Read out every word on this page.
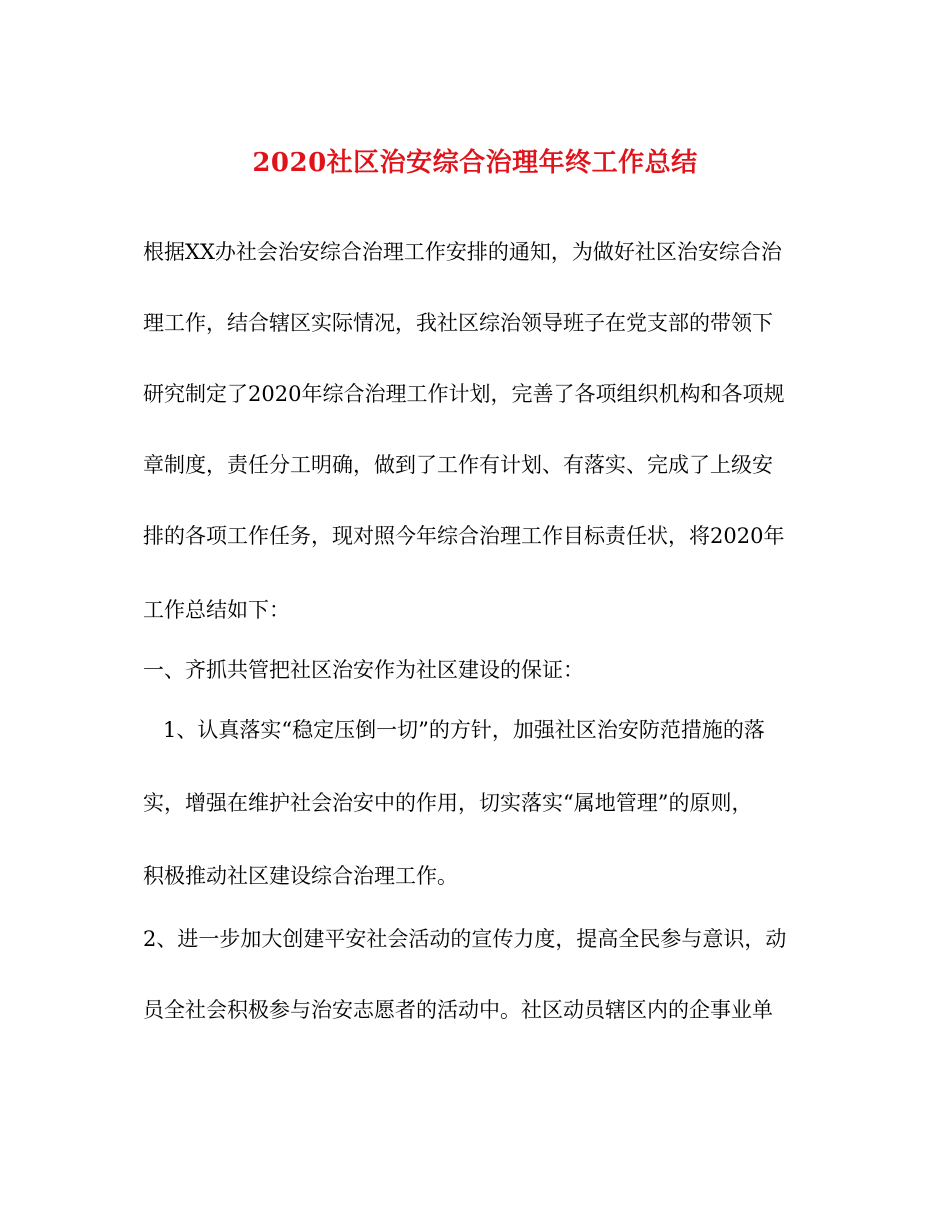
2020社区治安综合治理年终工作总结
根据XX办社会治安综合治理工作安排的通知，为做好社区治安综合治
理工作，结合辖区实际情况，我社区综治领导班子在党支部的带领下
研究制定了2020年综合治理工作计划，完善了各项组织机构和各项规
章制度，责任分工明确，做到了工作有计划、有落实、完成了上级安
排的各项工作任务，现对照今年综合治理工作目标责任状，将2020年
工作总结如下：
一、齐抓共管把社区治安作为社区建设的保证：
1、认真落实“稳定压倒一切”的方针，加强社区治安防范措施的落
实，增强在维护社会治安中的作用，切实落实“属地管理”的原则，
积极推动社区建设综合治理工作。
2、进一步加大创建平安社会活动的宣传力度，提高全民参与意识，动
员全社会积极参与治安志愿者的活动中。社区动员辖区内的企事业单
